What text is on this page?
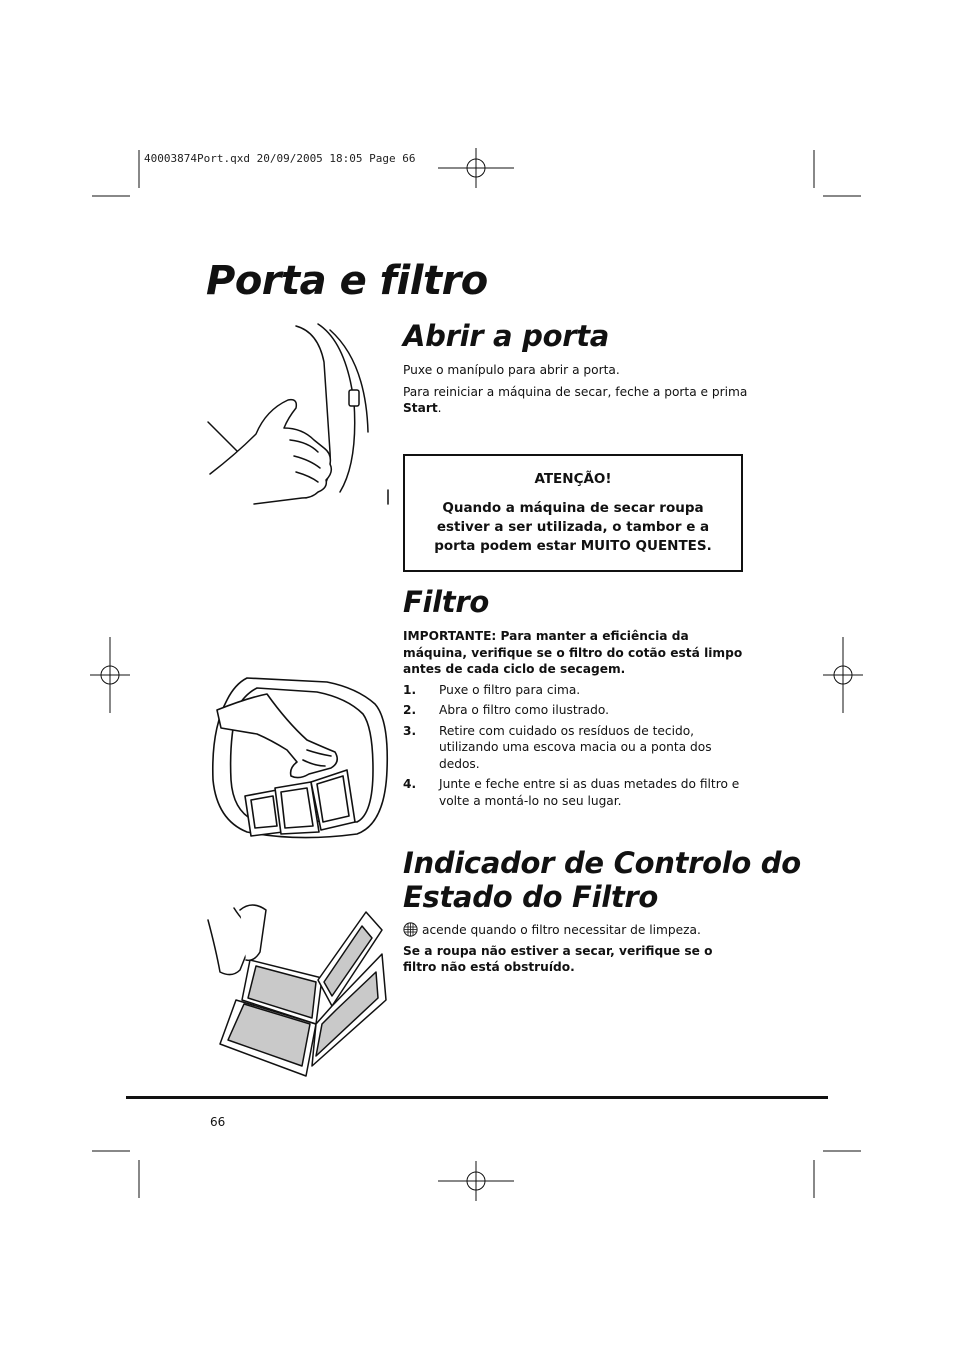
40003874Port.qxd 20/09/2005 18:05 Page 66
Porta e filtro
Abrir a porta

Puxe o manípulo para abrir a porta.

Para reiniciar a máquina de secar, feche a porta e prima Start.

ATENÇÃO!
Quando a máquina de secar roupa estiver a ser utilizada, o tambor e a porta podem estar MUITO QUENTES.
Filtro

IMPORTANTE: Para manter a eficiência da máquina, verifique se o filtro do cotão está limpo antes de cada ciclo de secagem.

1. Puxe o filtro para cima.
2. Abra o filtro como ilustrado.
3. Retire com cuidado os resíduos de tecido, utilizando uma escova macia ou a ponta dos dedos.
4. Junte e feche entre si as duas metades do filtro e volte a montá-lo no seu lugar.
Indicador de Controlo do
Estado do Filtro

acende quando o filtro necessitar de limpeza.

Se a roupa não estiver a secar, verifique se o filtro não está obstruído.

66
